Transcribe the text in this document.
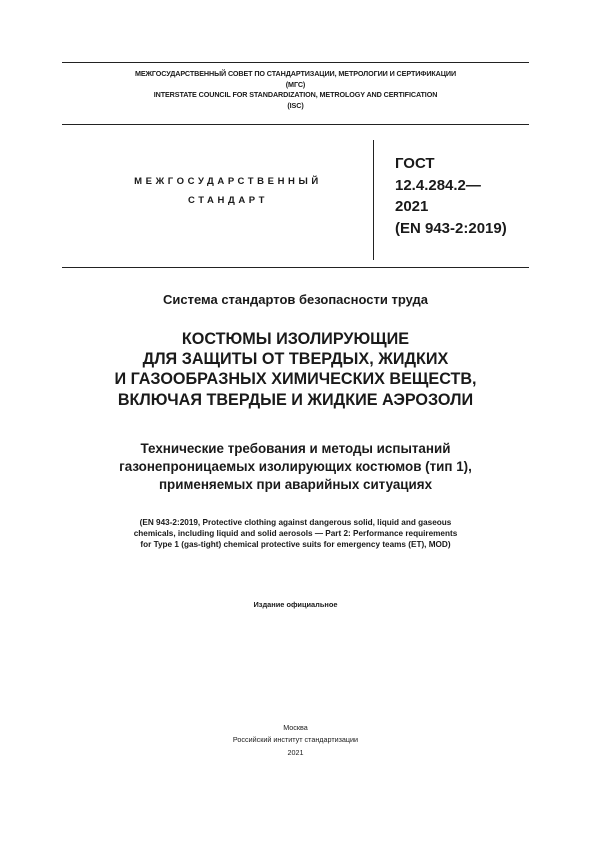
МЕЖГОСУДАРСТВЕННЫЙ СОВЕТ ПО СТАНДАРТИЗАЦИИ, МЕТРОЛОГИИ И СЕРТИФИКАЦИИ
(МГС)
INTERSTATE COUNCIL FOR STANDARDIZATION, METROLOGY AND CERTIFICATION
(ISC)
МЕЖГОСУДАРСТВЕННЫЙ
СТАНДАРТ
ГОСТ
12.4.284.2—
2021
(EN 943-2:2019)
Система стандартов безопасности труда
КОСТЮМЫ ИЗОЛИРУЮЩИЕ
ДЛЯ ЗАЩИТЫ ОТ ТВЕРДЫХ, ЖИДКИХ
И ГАЗООБРАЗНЫХ ХИМИЧЕСКИХ ВЕЩЕСТВ,
ВКЛЮЧАЯ ТВЕРДЫЕ И ЖИДКИЕ АЭРОЗОЛИ
Технические требования и методы испытаний
газонепроницаемых изолирующих костюмов (тип 1),
применяемых при аварийных ситуациях
(EN 943-2:2019, Protective clothing against dangerous solid, liquid and gaseous
chemicals, including liquid and solid aerosols — Part 2: Performance requirements
for Type 1 (gas-tight) chemical protective suits for emergency teams (ET), MOD)
Издание официальное
Москва
Российский институт стандартизации
2021
